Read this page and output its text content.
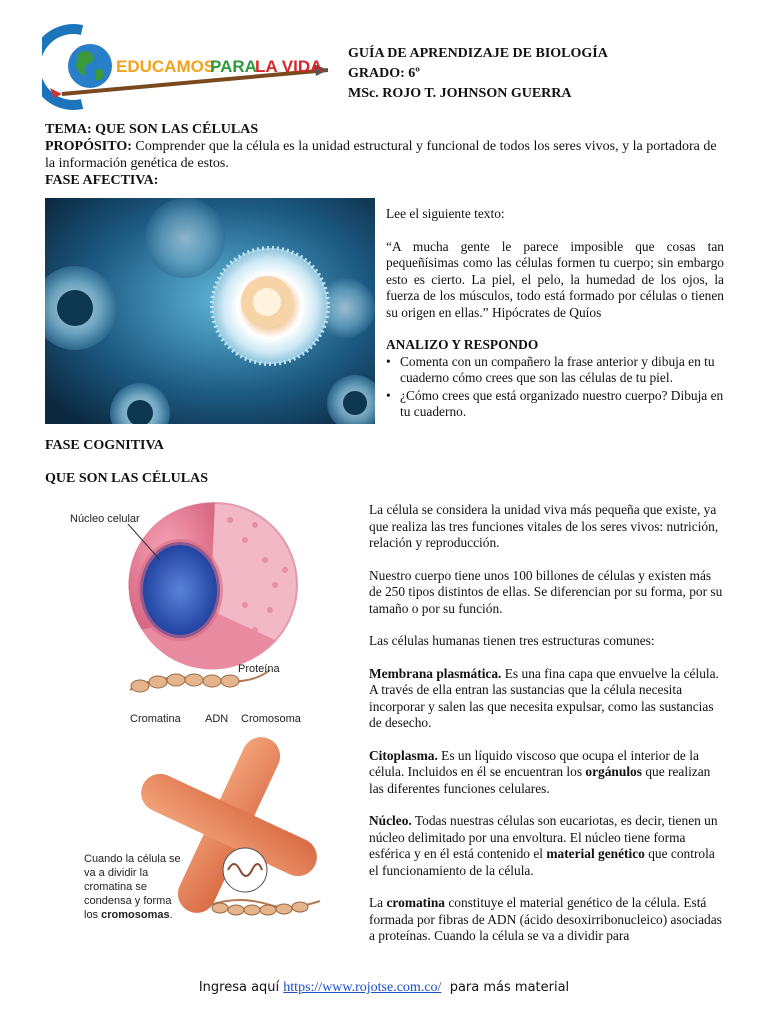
EDUCAMOS
PARA
LA VIDA
GUÍA DE APRENDIZAJE DE BIOLOGÍA
GRADO: 6º
MSc. ROJO T. JOHNSON GUERRA
TEMA: QUE SON LAS CÉLULAS
PROPÓSITO: Comprender que la célula es la unidad estructural y funcional de todos los seres vivos, y la portadora de la información genética de estos.
FASE AFECTIVA:
Lee el siguiente texto:
“A mucha gente le parece imposible que cosas tan pequeñísimas como las células formen tu cuerpo; sin embargo esto es cierto. La piel, el pelo, la humedad de los ojos, la fuerza de los músculos, todo está formado por células o tienen su origen en ellas.” Hipócrates de Quíos
ANALIZO Y RESPONDO
• Comenta con un compañero la frase anterior y dibuja en tu cuaderno cómo crees que son las células de tu piel.
• ¿Cómo crees que está organizado nuestro cuerpo? Dibuja en tu cuaderno.
FASE COGNITIVA
QUE SON LAS CÉLULAS
Núcleo celular
Proteína
Cromatina ADN Cromosoma
Cuando la célula se
va a dividir la
cromatina se
condensa y forma
los cromosomas.
La célula se considera la unidad viva más pequeña que existe, ya que realiza las tres funciones vitales de los seres vivos: nutrición, relación y reproducción.
Nuestro cuerpo tiene unos 100 billones de células y existen más de 250 tipos distintos de ellas. Se diferencian por su forma, por su tamaño o por su función.
Las células humanas tienen tres estructuras comunes:
Membrana plasmática. Es una fina capa que envuelve la célula. A través de ella entran las sustancias que la célula necesita incorporar y salen las que necesita expulsar, como las sustancias de desecho.
Citoplasma. Es un líquido viscoso que ocupa el interior de la célula. Incluidos en él se encuentran los orgánulos que realizan las diferentes funciones celulares.
Núcleo. Todas nuestras células son eucariotas, es decir, tienen un núcleo delimitado por una envoltura. El núcleo tiene forma esférica y en él está contenido el material genético que controla el funcionamiento de la célula.
La cromatina constituye el material genético de la célula. Está formada por fibras de ADN (ácido desoxirribonucleico) asociadas a proteínas. Cuando la célula se va a dividir para
Ingresa aquí https://www.rojotse.com.co/  para más material
